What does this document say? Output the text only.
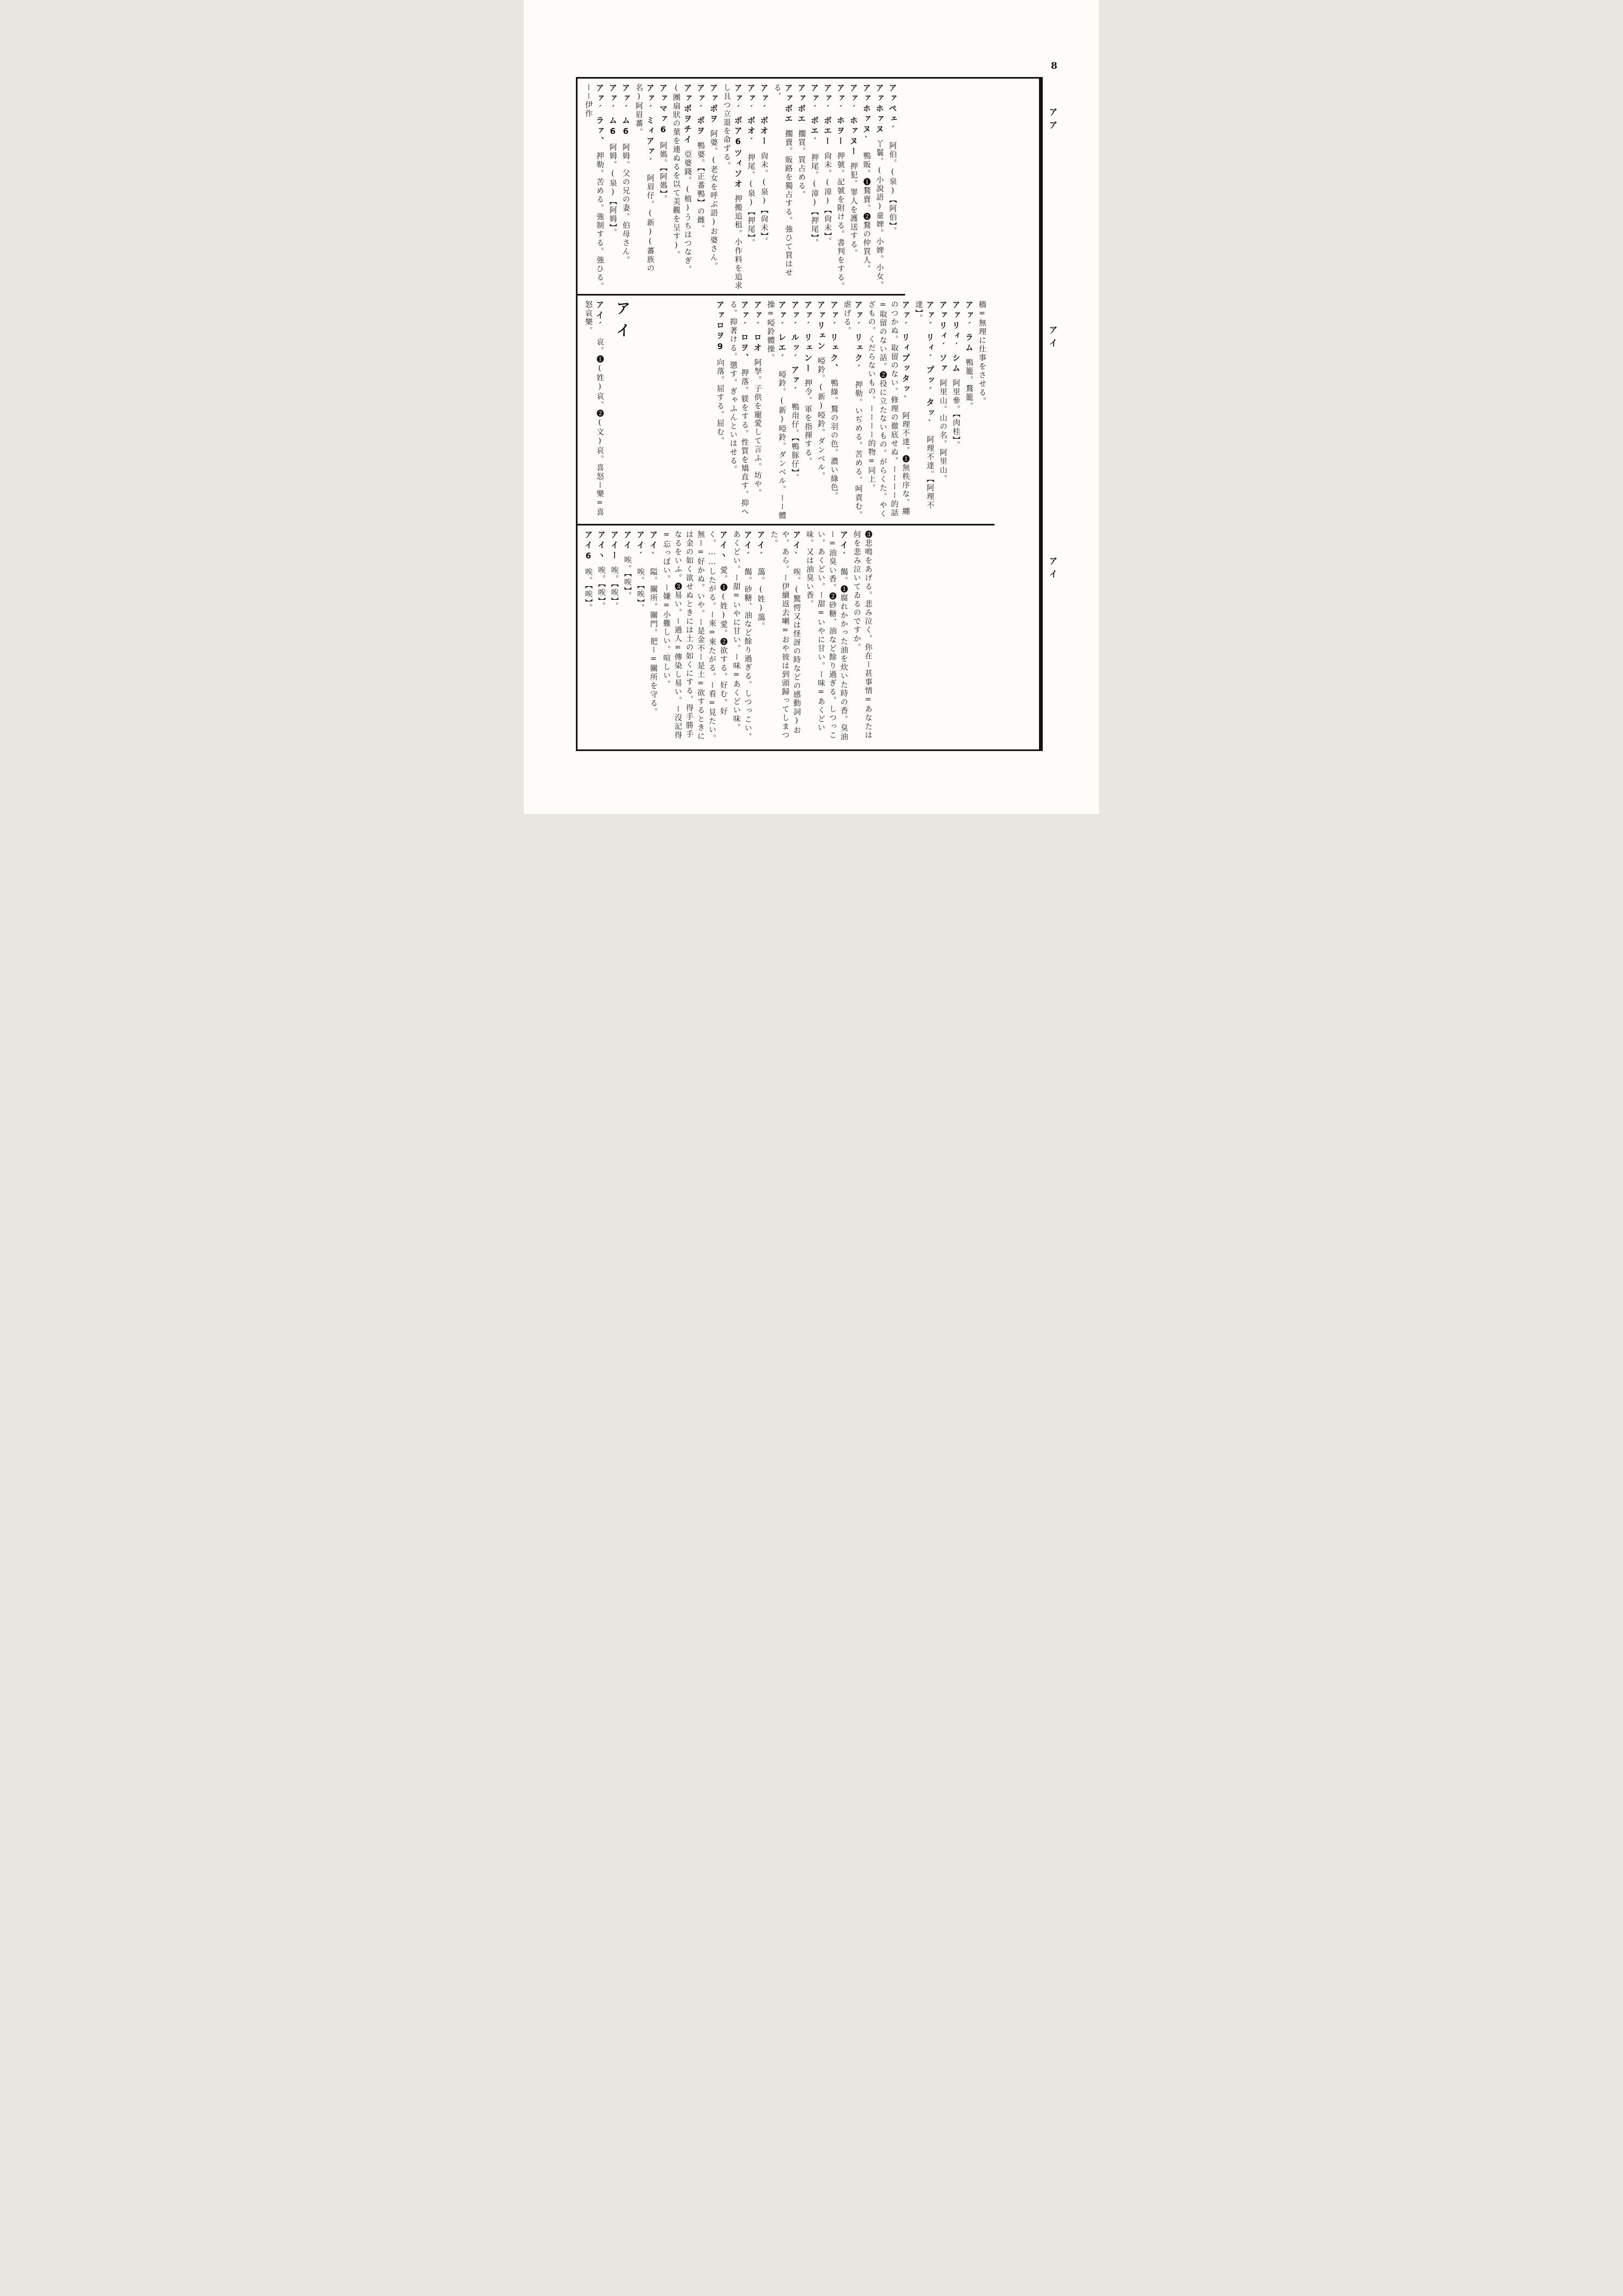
8
アア
アイ
アイ
アァペェ´阿伯。(泉)【阿伯】。
アァホァヌ丫鬟。(小說語)童婢。小婢。小女。
アァホァヌ`鴨販。➊鶩賣。➋鶩の仲買人。
アァ´ホァヌー押犯。罪人を護送する。
アァ´ホヲー押號。記號を附ける。書判をする。
アァ´ボエー尙未。(漳)【尙未】。
アァ´ボエ´押尾。(漳)【押尾】。
アァボエ擱買。買占める。
アァボエ擱賣。販路を獨占する。強ひて買はせる。
アァ´ボオー尙未。(泉)【尙未】。
アァ´ボオ´押尾。(泉)【押尾】。
アァ´ポア6ツィソオ押搬追租。小作料を追求し且つ立退を命ずる。
アァポヲ阿婆。(老女を呼ぶ語)お婆さん。
アァ´ポヲ鴨婆。【正番鴨】の雌。
アァポヲチイ亞婆錢。(植)うちはつなぎ。(團扇狀の葉を連ぬるを以て美觀を呈す)。
アァマァ6阿媽。【阿媽】。
アァ´ミィアァ´阿眉仔。(新)(蕃族の名)阿眉蕃。
アァ´ム6阿姆。父の兄の妻。伯母さん。
アァ´ム6阿姆。(泉)【阿姆】。
アァ´ラァ、押勒。苦める。強制する。強ひる。ーー伊作
穡=無理に仕事をさせる。
アァ´ラム鴨籠。鶩籠。
アァリィ´シム阿里參。【肉桂】。
アァリィ´ソァ阿里山。山の名。阿里山。
アァ´リィ´プッ´タッ`阿理不達。【阿理不達】。
アァ´リィプッタッ`阿理不達。➊無秩序な。纏のつかぬ。取留のない。修理の徹底せぬ。ーーーー的話=取留のない話。➋役に立たないもの。がらくた。やくざもの。くだらないもの。ーーーー的物=同上。
アァ´リェク´押勒。いぢめる。苦める。呵責む。虐げる。
アァ´リェク、鴨綠。鶩の羽の色。濃い綠色。
アァリェン啞鈴。(新)啞鈴。ダンベル。
アァ´リェンー押令。軍を指揮する。
アァ´ルッ´アァ´鴨甪仔。【鴨豚仔】。
アァ´レエ´啞鈴。(新)啞鈴。ダンベル。ーー體操=啞鈴體操。
アァ´ロオ阿孥。子供を寵愛して言ふ。坊や。
アァ´ロヲ、押落。躾をする。性質を矯直す。抑へる。抑著ける。懲す。ぎゃふんといはせる。
アァロヲ9向落。屈する。屈む。
アイ
アイ´哀。➊(姓)哀。➋(文)哀。喜怒ー樂=喜怒哀樂。
➌悲鳴をあげる。悲み泣く。你在ー甚事情=あなたは何を悲み泣いてゐるのですか。
アイ´餲。➊腐れかかった油を炊いた時の香。臭油ー=油臭い香。➋砂糖、油など餘り過ぎる。しつっこい。あくどい。ー甜=いやに甘い。ー味=あくどい味。又は油臭い香。
アイ`唉。(驚愕又は怪訝の時などの感動詞)おや。あら。ー伊續返去喇=おや彼は到頭歸ってしまつた。
アイ´藹。(姓)藹。
アイ´餲。砂糖、油など餘り過ぎる。しつっこい。あくどい。ー甜=いやに甘い。ー味=あくどい味。
アイヽ愛。➊(姓)愛。➋欲する。好む。好く。……したがる。ー來=來たがる。ー看=見たい。無ー=好かぬ。いや。ー是金不ー是土=欲するときには金の如く欲せぬときには土の如くにする。得手勝手なるをいふ。➌易い。ー過人=傳染し易い。ー沒記得=忘っぽい。ー嫌=小難しい。喧しい。
アイ`隘。關所。關門。把ー=關所を守る。
アイ´唉。【唉】。
アイ唉。【唉】。
アイー唉。【唉】。
アイヽ唉。【唉】。
アイ6唉。【唉】。
